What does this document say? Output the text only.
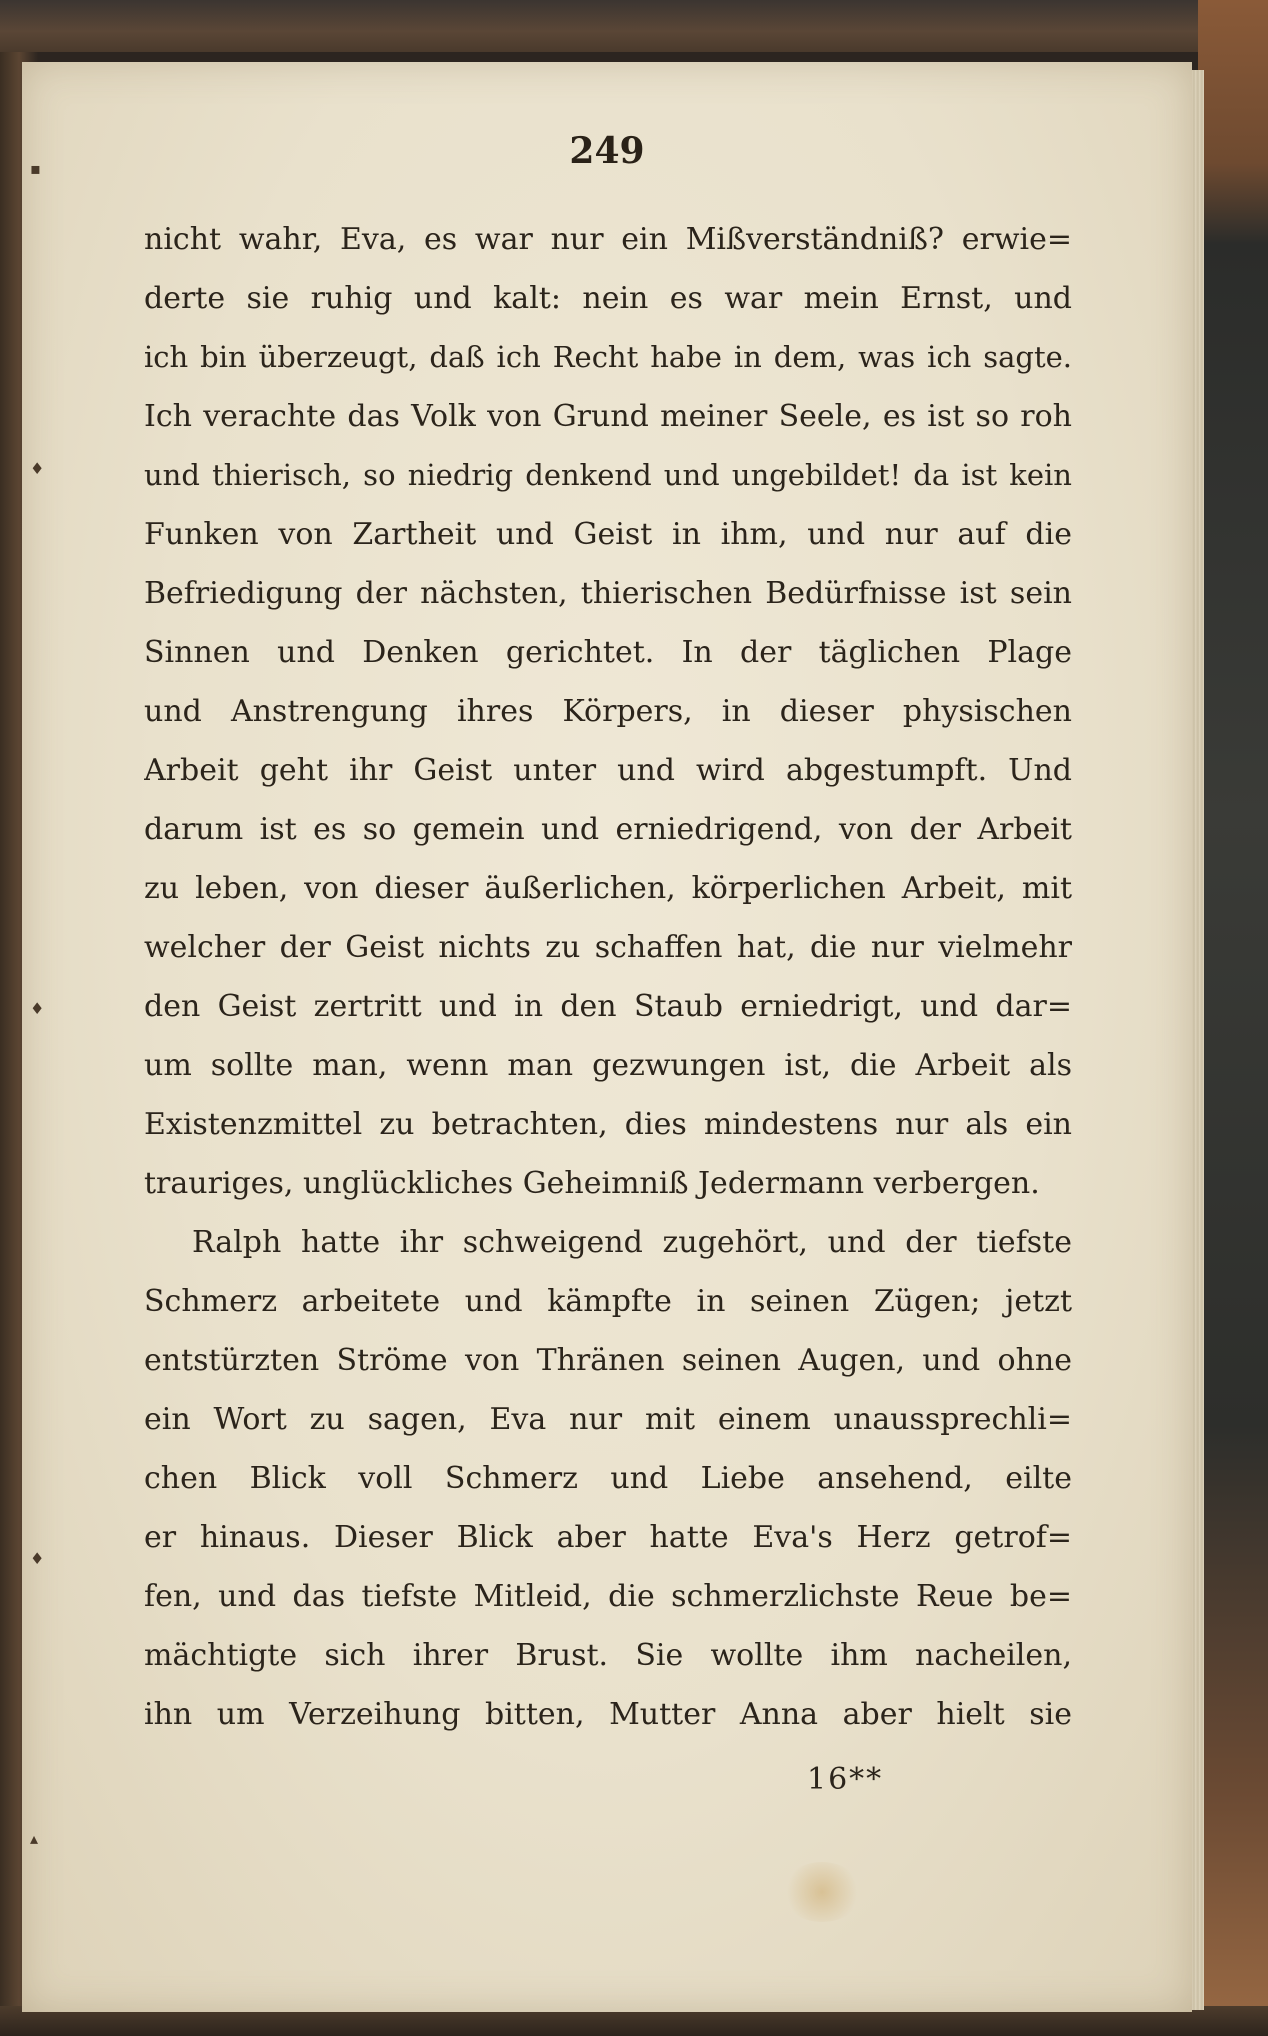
▪
♦
♦
♦
▴
249
nicht wahr, Eva, es war nur ein Mißverständniß? erwie=
derte sie ruhig und kalt: nein es war mein Ernst, und
ich bin überzeugt, daß ich Recht habe in dem, was ich sagte.
Ich verachte das Volk von Grund meiner Seele, es ist so roh
und thierisch, so niedrig denkend und ungebildet! da ist kein
Funken von Zartheit und Geist in ihm, und nur auf die
Befriedigung der nächsten, thierischen Bedürfnisse ist sein
Sinnen und Denken gerichtet. In der täglichen Plage
und Anstrengung ihres Körpers, in dieser physischen
Arbeit geht ihr Geist unter und wird abgestumpft. Und
darum ist es so gemein und erniedrigend, von der Arbeit
zu leben, von dieser äußerlichen, körperlichen Arbeit, mit
welcher der Geist nichts zu schaffen hat, die nur vielmehr
den Geist zertritt und in den Staub erniedrigt, und dar=
um sollte man, wenn man gezwungen ist, die Arbeit als
Existenzmittel zu betrachten, dies mindestens nur als ein
trauriges, unglückliches Geheimniß Jedermann verbergen.
Ralph hatte ihr schweigend zugehört, und der tiefste
Schmerz arbeitete und kämpfte in seinen Zügen; jetzt
entstürzten Ströme von Thränen seinen Augen, und ohne
ein Wort zu sagen, Eva nur mit einem unaussprechli=
chen Blick voll Schmerz und Liebe ansehend, eilte
er hinaus. Dieser Blick aber hatte Eva's Herz getrof=
fen, und das tiefste Mitleid, die schmerzlichste Reue be=
mächtigte sich ihrer Brust. Sie wollte ihm nacheilen,
ihn um Verzeihung bitten, Mutter Anna aber hielt sie
16**
